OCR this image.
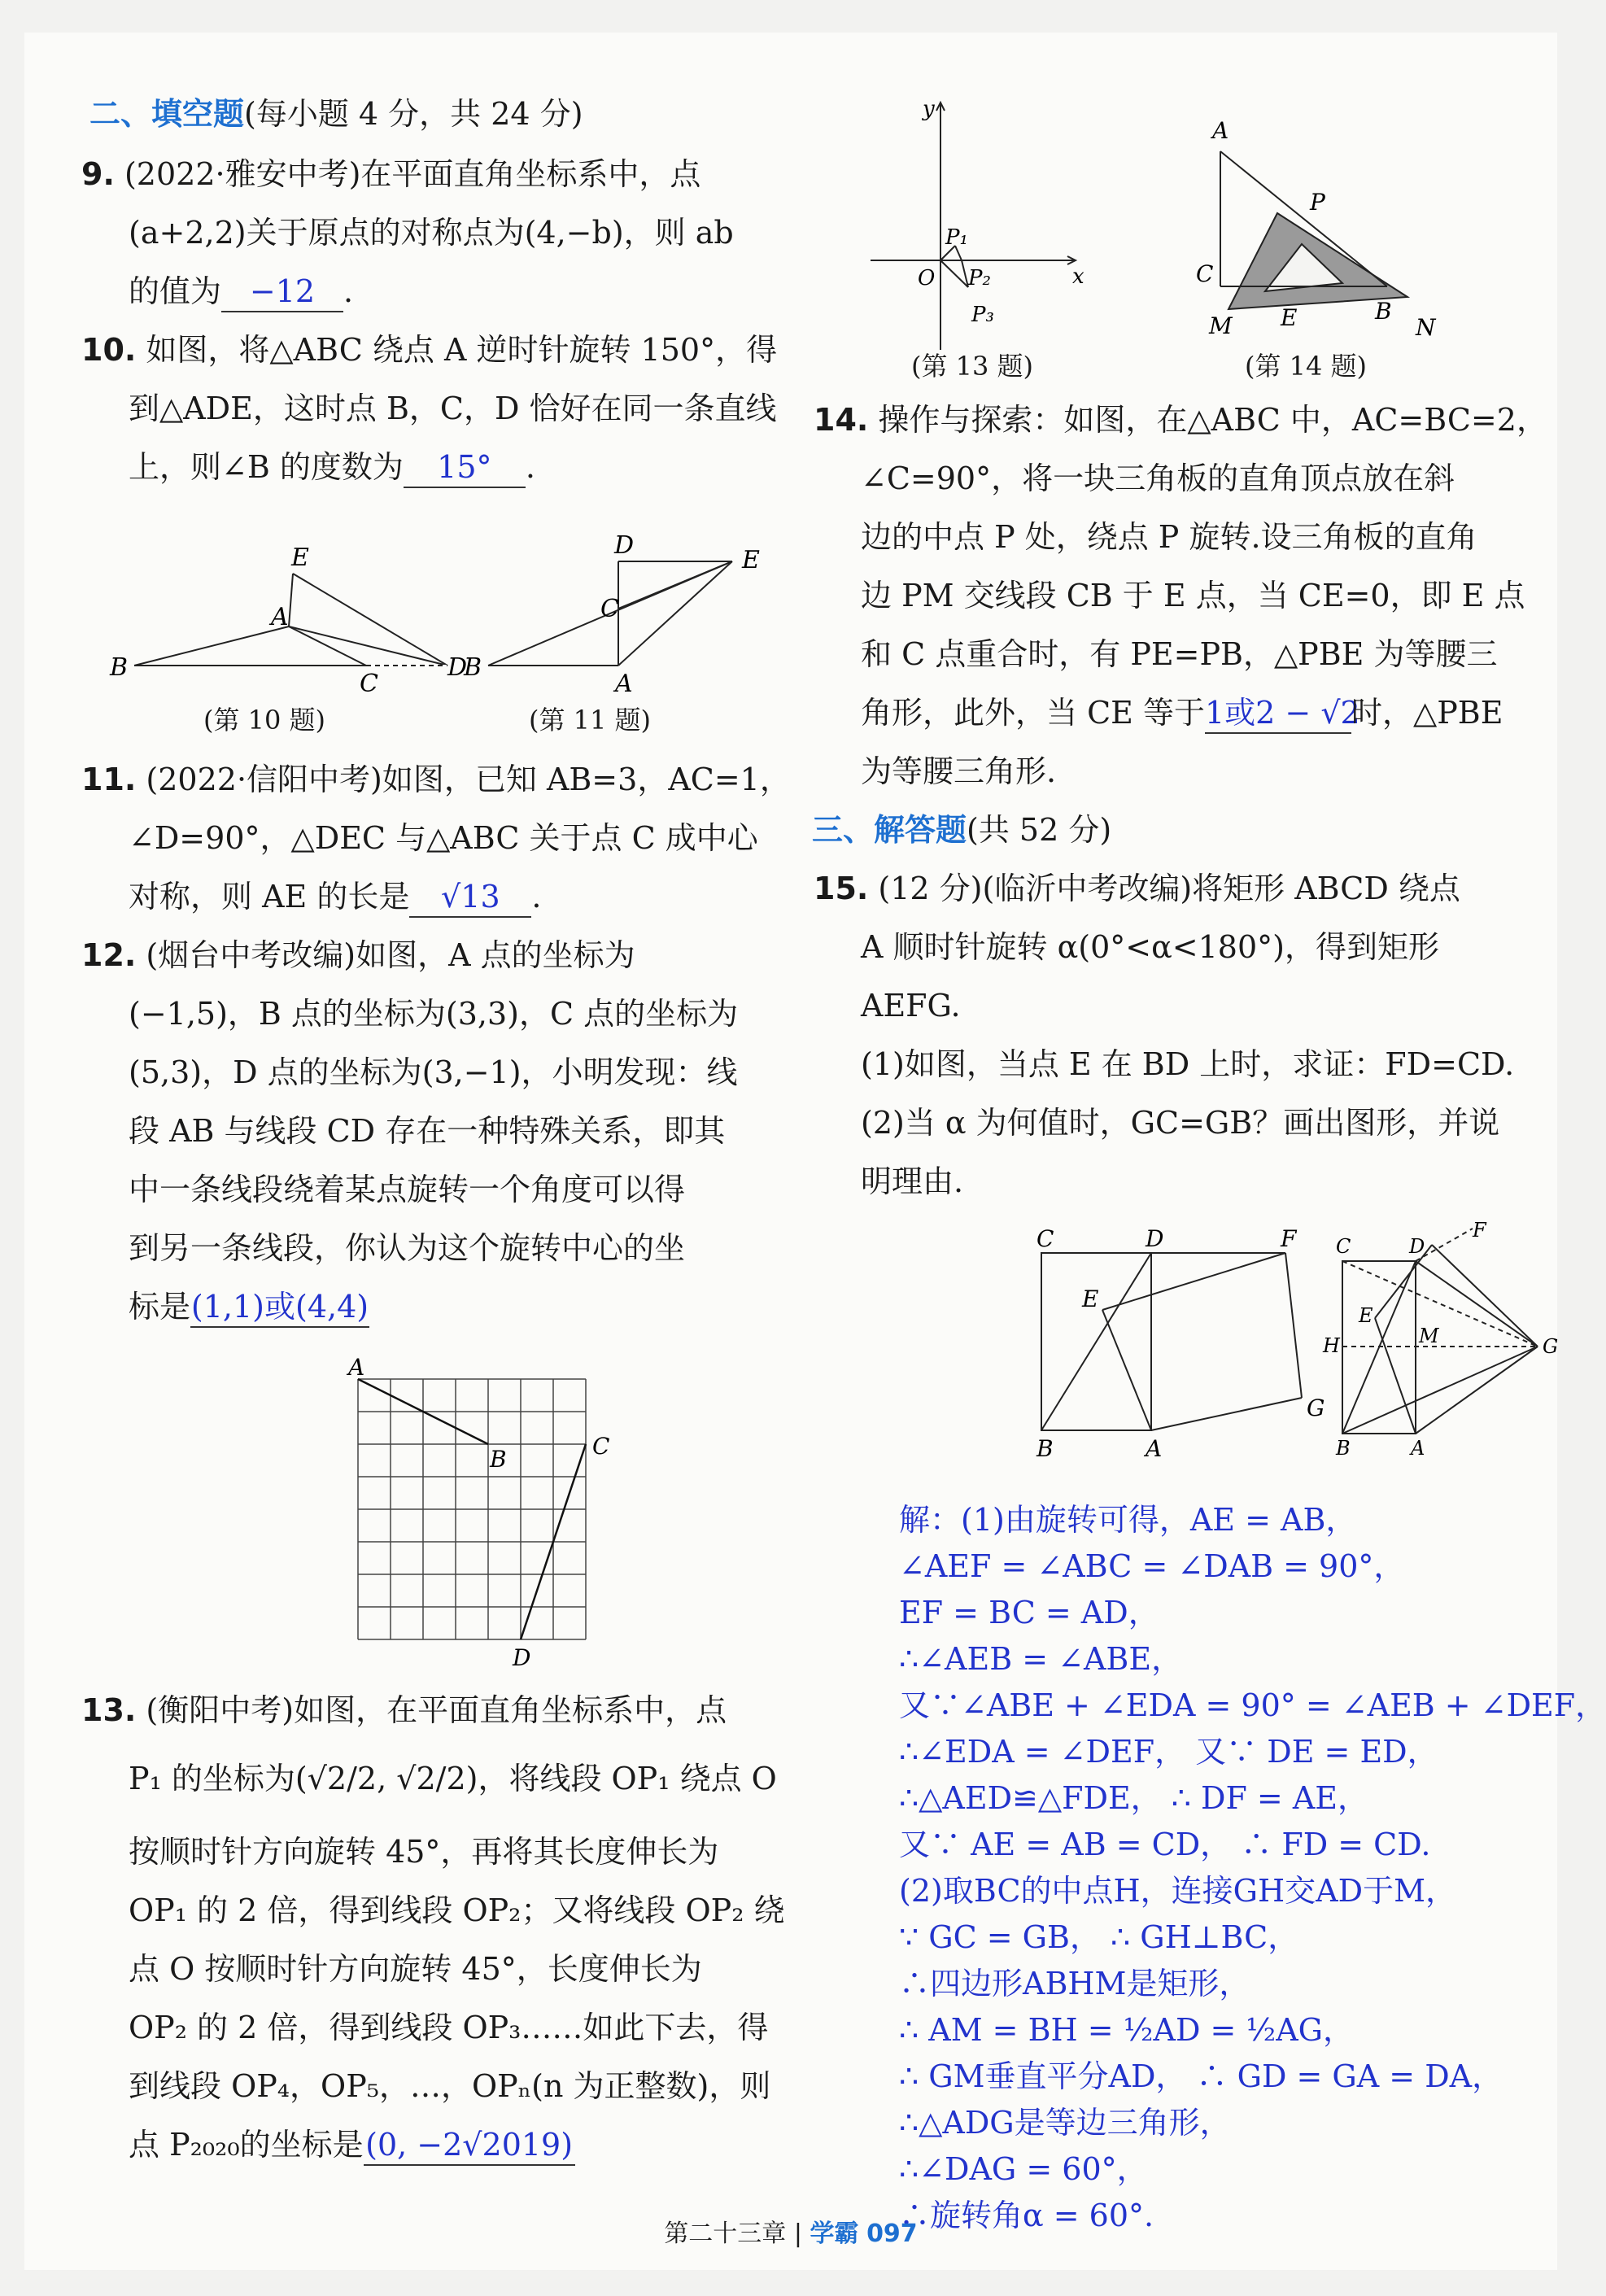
二、填空题(每小题 4 分，共 24 分)
9. (2022·雅安中考)在平面直角坐标系中，点
(a+2,2)关于原点的对称点为(4,−b)，则 ab
的值为 −12 .
10. 如图，将△ABC 绕点 A 逆时针旋转 150°，得
到△ADE，这时点 B，C，D 恰好在同一条直线
上，则∠B 的度数为 15° .
E
A
B
C
D
(第 10 题)
D
E
C
B
A
(第 11 题)
11. (2022·信阳中考)如图，已知 AB=3，AC=1，
∠D=90°，△DEC 与△ABC 关于点 C 成中心
对称，则 AE 的长是 √13 .
12. (烟台中考改编)如图，A 点的坐标为
(−1,5)，B 点的坐标为(3,3)，C 点的坐标为
(5,3)，D 点的坐标为(3,−1)，小明发现：线
段 AB 与线段 CD 存在一种特殊关系，即其
中一条线段绕着某点旋转一个角度可以得
到另一条线段，你认为这个旋转中心的坐
标是(1,1)或(4,4)
A
B	C
D
13. (衡阳中考)如图，在平面直角坐标系中，点
P₁ 的坐标为(√2/2, √2/2)，将线段 OP₁ 绕点 O
按顺时针方向旋转 45°，再将其长度伸长为
OP₁ 的 2 倍，得到线段 OP₂；又将线段 OP₂ 绕
点 O 按顺时针方向旋转 45°，长度伸长为
OP₂ 的 2 倍，得到线段 OP₃……如此下去，得
到线段 OP₄，OP₅，…，OPₙ(n 为正整数)，则
点 P₂₀₂₀的坐标是(0, −2√2019)
y
x
O
P₁
P₂
P₃
(第 13 题)
A
P
C
E	B
M	N
(第 14 题)
14. 操作与探索：如图，在△ABC 中，AC=BC=2，
∠C=90°，将一块三角板的直角顶点放在斜
边的中点 P 处，绕点 P 旋转.设三角板的直角
边 PM 交线段 CB 于 E 点，当 CE=0，即 E 点
和 C 点重合时，有 PE=PB，△PBE 为等腰三
角形，此外，当 CE 等于1或2 − √2时，△PBE
为等腰三角形.
三、解答题(共 52 分)
15. (12 分)(临沂中考改编)将矩形 ABCD 绕点
A 顺时针旋转 α(0°<α<180°)，得到矩形
AEFG.
(1)如图，当点 E 在 BD 上时，求证：FD=CD.
(2)当 α 为何值时，GC=GB？画出图形，并说
明理由.
C	D	F
E
G
B	A
C	D
F
E
M
H	G
B	A
解：(1)由旋转可得，AE = AB，
∠AEF = ∠ABC = ∠DAB = 90°，
EF = BC = AD，
∴∠AEB = ∠ABE，
又∵∠ABE + ∠EDA = 90° = ∠AEB + ∠DEF，
∴∠EDA = ∠DEF， 又∵ DE = ED，
∴△AED≌△FDE， ∴ DF = AE，
又∵ AE = AB = CD， ∴ FD = CD.
(2)取BC的中点H，连接GH交AD于M，
∵ GC = GB， ∴ GH⊥BC，
∴四边形ABHM是矩形，
∴ AM = BH = ½AD = ½AG，
∴ GM垂直平分AD， ∴ GD = GA = DA，
∴△ADG是等边三角形，
∴∠DAG = 60°，
∴旋转角α = 60°.
第二十三章 | 学霸 097
